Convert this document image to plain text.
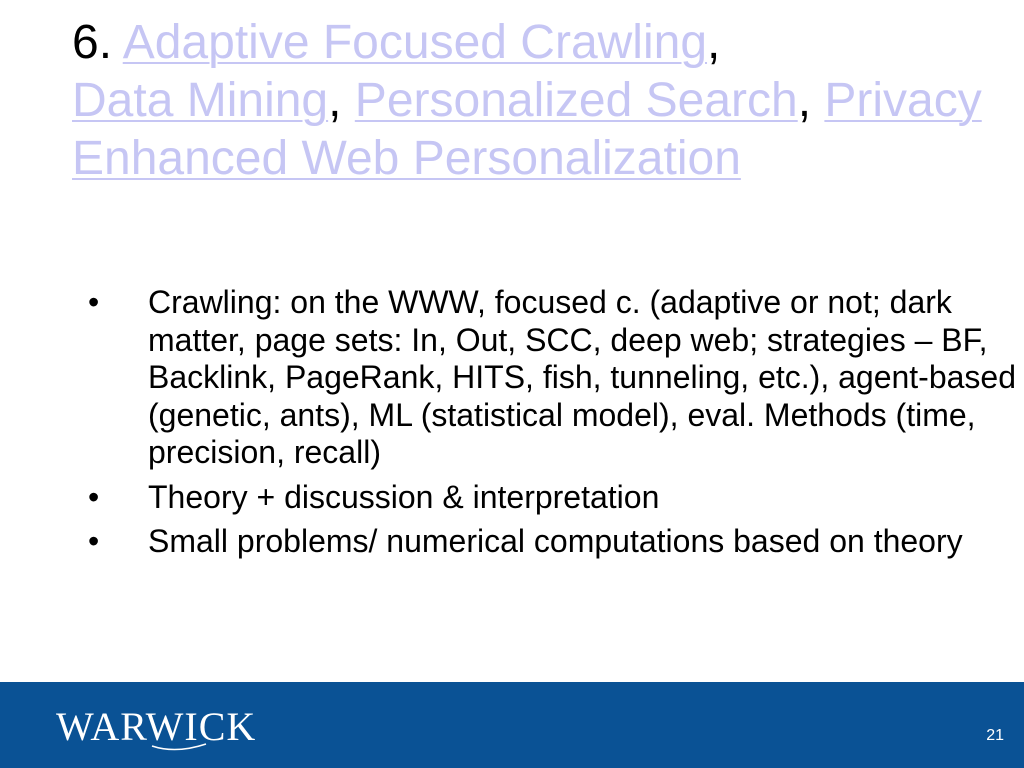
6. Adaptive Focused Crawling,
Data Mining, Personalized Search, Privacy Enhanced Web Personalization
• Crawling: on the WWW, focused c. (adaptive or not; dark matter, page sets: In, Out, SCC, deep web; strategies – BF, Backlink, PageRank, HITS, fish, tunneling, etc.), agent-based (genetic, ants), ML (statistical model), eval. Methods (time, precision, recall)
• Theory + discussion & interpretation
• Small problems/ numerical computations based on theory
WARWICK	21
